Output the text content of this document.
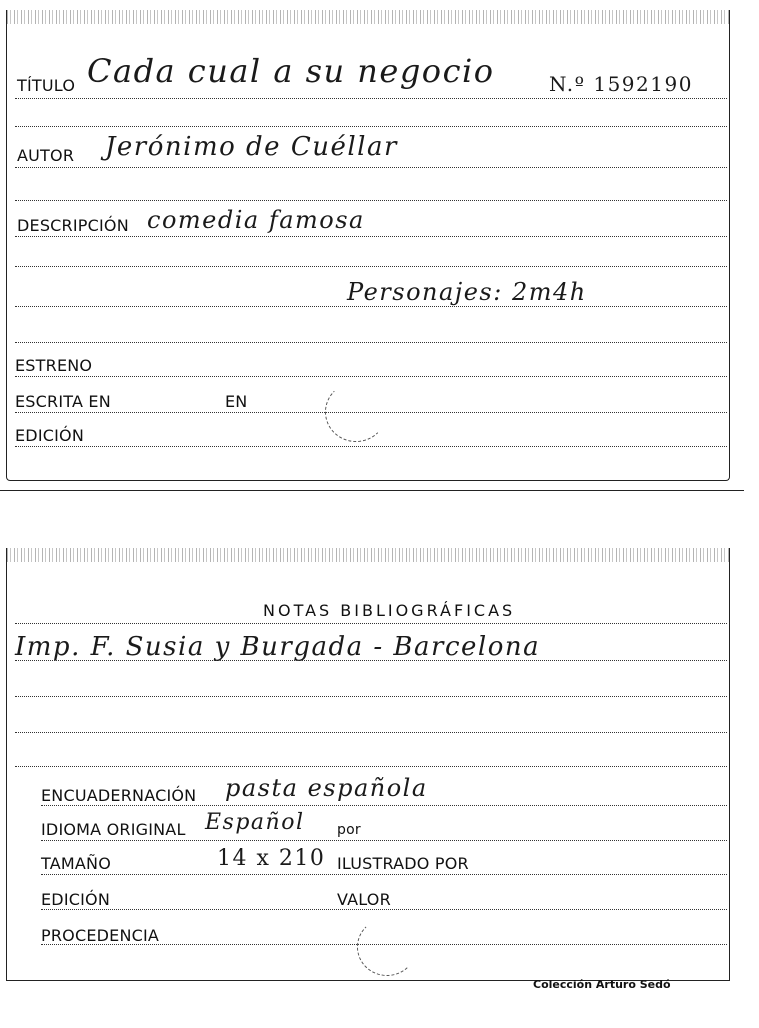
TÍTULO Cada cual a su negocio	N.º 1592190
AUTOR Jerónimo de Cuéllar
DESCRIPCIÓN comedia famosa
Personajes: 2m4h
ESTRENO
ESCRITA EN	EN
EDICIÓN
NOTAS BIBLIOGRÁFICAS
Imp. F. Susia y Burgada - Barcelona
ENCUADERNACIÓN pasta española
IDIOMA ORIGINAL Español por
TAMAÑO	14 x 210 ILUSTRADO POR
EDICIÓN	VALOR
PROCEDENCIA
Colección Arturo Sedó
